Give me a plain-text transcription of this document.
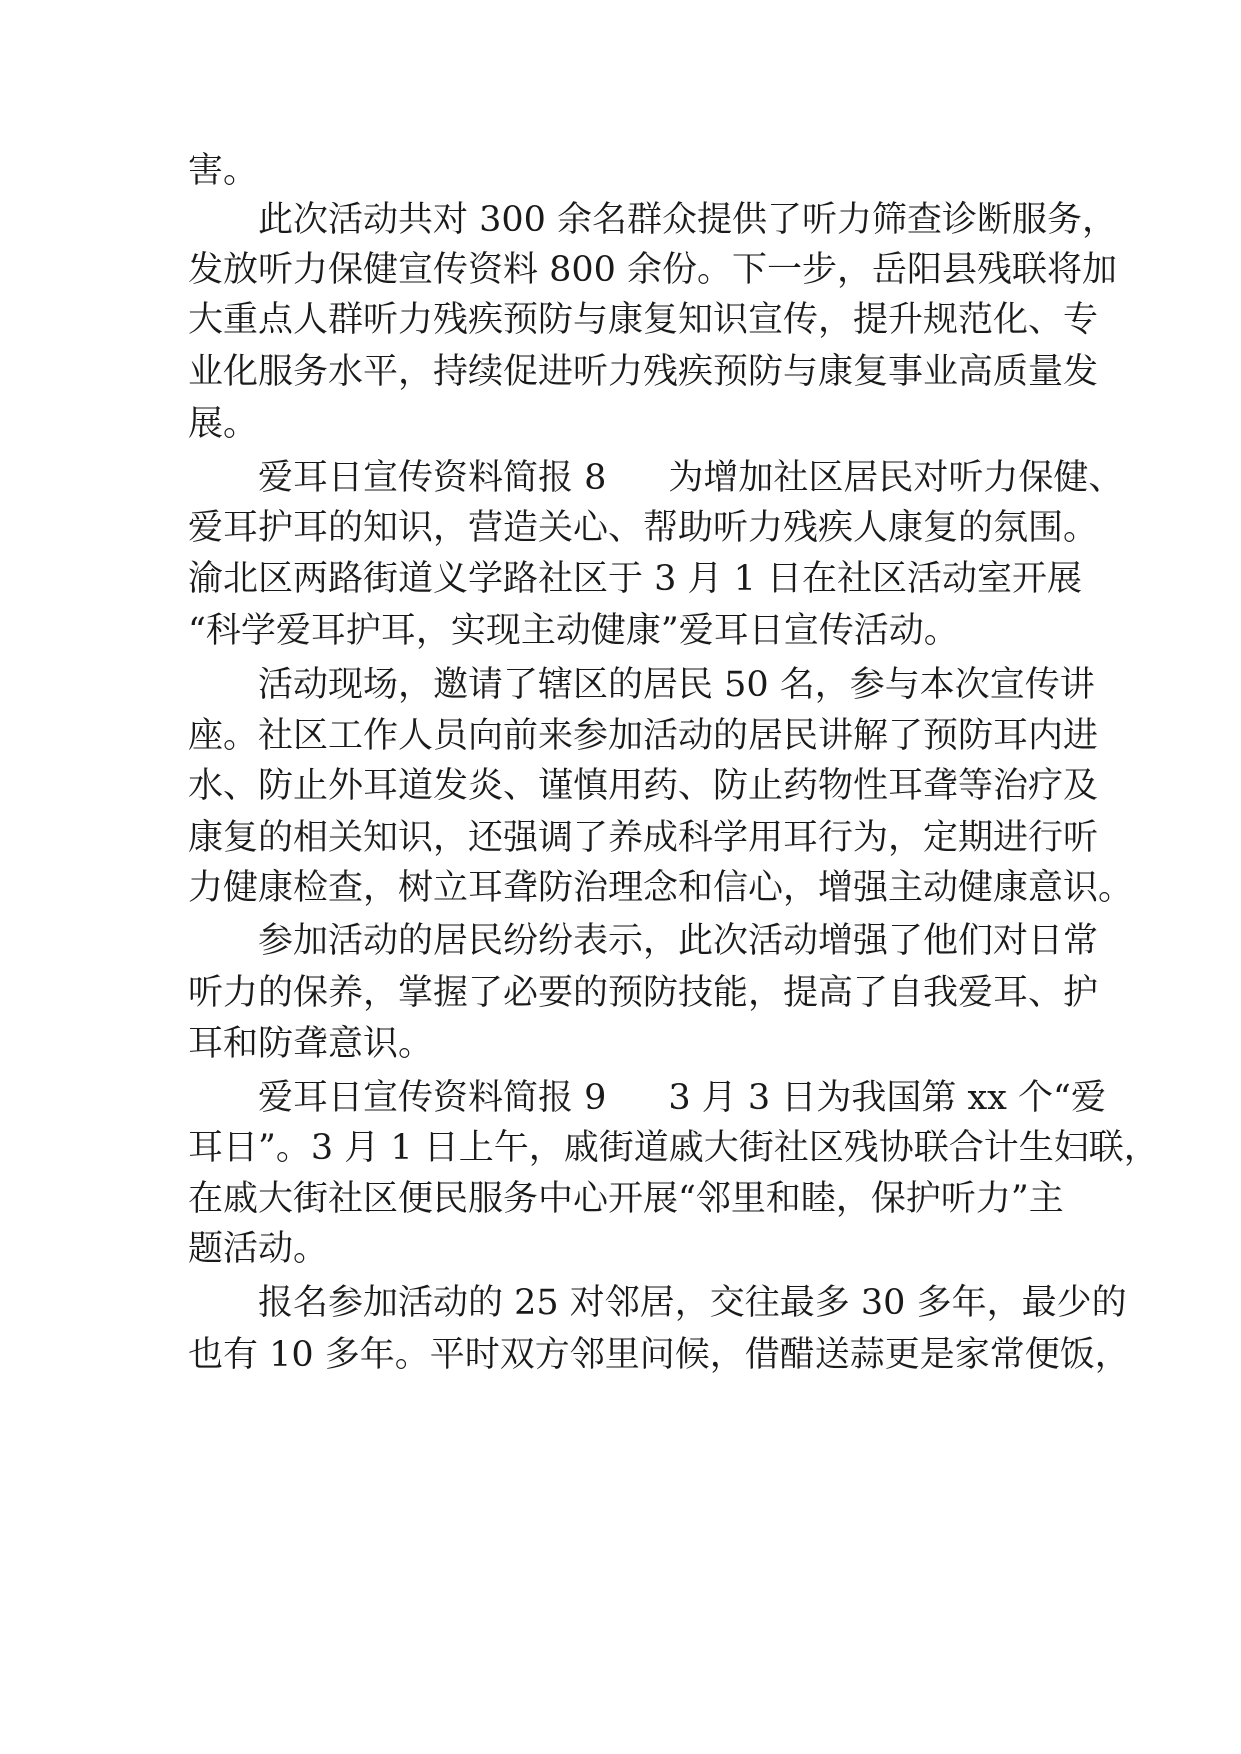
害。
此次活动共对 300 余名群众提供了听力筛查诊断服务，
发放听力保健宣传资料 800 余份。下一步，岳阳县残联将加
大重点人群听力残疾预防与康复知识宣传，提升规范化、专
业化服务水平，持续促进听力残疾预防与康复事业高质量发
展。
爱耳日宣传资料简报 8 为增加社区居民对听力保健、
爱耳护耳的知识，营造关心、帮助听力残疾人康复的氛围。
渝北区两路街道义学路社区于 3 月 1 日在社区活动室开展
“科学爱耳护耳，实现主动健康”爱耳日宣传活动。
活动现场，邀请了辖区的居民 50 名，参与本次宣传讲
座。社区工作人员向前来参加活动的居民讲解了预防耳内进
水、防止外耳道发炎、谨慎用药、防止药物性耳聋等治疗及
康复的相关知识，还强调了养成科学用耳行为，定期进行听
力健康检查，树立耳聋防治理念和信心，增强主动健康意识。
参加活动的居民纷纷表示，此次活动增强了他们对日常
听力的保养，掌握了必要的预防技能，提高了自我爱耳、护
耳和防聋意识。
爱耳日宣传资料简报 9 3 月 3 日为我国第 xx 个“爱
耳日”。3 月 1 日上午，戚街道戚大街社区残协联合计生妇联，
在戚大街社区便民服务中心开展“邻里和睦，保护听力”主
题活动。
报名参加活动的 25 对邻居，交往最多 30 多年，最少的
也有 10 多年。平时双方邻里问候，借醋送蒜更是家常便饭，
